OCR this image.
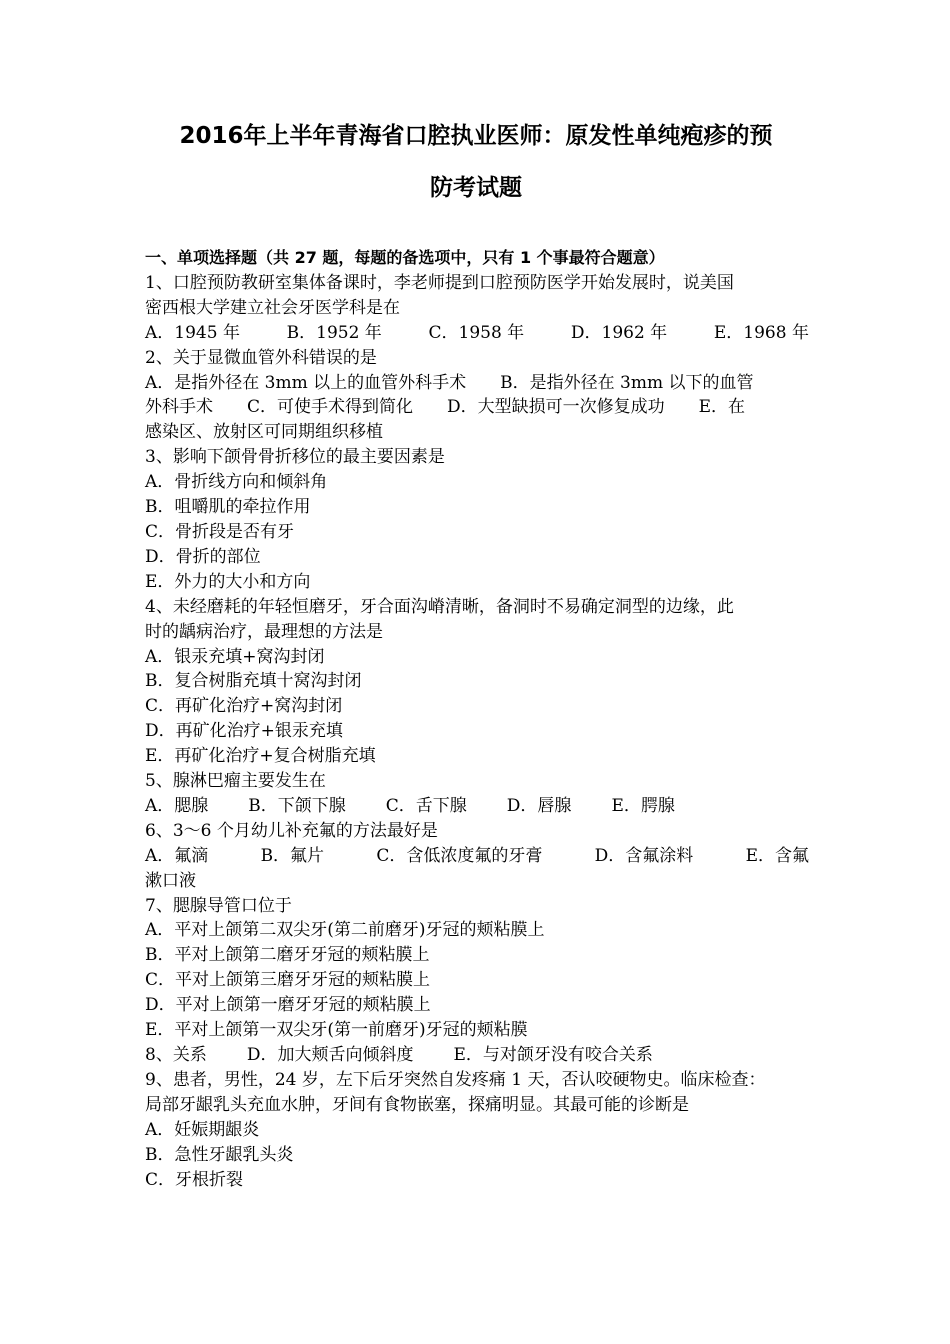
2016年上半年青海省口腔执业医师：原发性单纯疱疹的预
防考试题

一、单项选择题（共 27 题，每题的备选项中，只有 1 个事最符合题意）

1、口腔预防教研室集体备课时，李老师提到口腔预防医学开始发展时，说美国

密西根大学建立社会牙医学科是在

A．1945 年	B．1952 年	C．1958 年	D．1962 年	E．1968 年

2、关于显微血管外科错误的是

A．是指外径在 3mm 以上的血管外科手术　　B．是指外径在 3mm 以下的血管

外科手术　　C．可使手术得到简化　　D．大型缺损可一次修复成功　　E．在

感染区、放射区可同期组织移植

3、影响下颌骨骨折移位的最主要因素是

A．骨折线方向和倾斜角

B．咀嚼肌的牵拉作用

C．骨折段是否有牙

D．骨折的部位

E．外力的大小和方向

4、未经磨耗的年轻恒磨牙，牙合面沟嵴清晰，备洞时不易确定洞型的边缘，此

时的龋病治疗，最理想的方法是

A．银汞充填+窝沟封闭

B．复合树脂充填十窝沟封闭

C．再矿化治疗+窝沟封闭

D．再矿化治疗+银汞充填

E．再矿化治疗+复合树脂充填

5、腺淋巴瘤主要发生在

A．腮腺 B．下颌下腺 C．舌下腺 D．唇腺 E．腭腺

6、3～6 个月幼儿补充氟的方法最好是

A．氟滴	B．氟片	C．含低浓度氟的牙膏	D．含氟涂料	E．含氟

漱口液

7、腮腺导管口位于

A．平对上颌第二双尖牙(第二前磨牙)牙冠的颊粘膜上

B．平对上颌第二磨牙牙冠的颊粘膜上

C．平对上颌第三磨牙牙冠的颊粘膜上

D．平对上颌第一磨牙牙冠的颊粘膜上

E．平对上颌第一双尖牙(第一前磨牙)牙冠的颊粘膜

8、关系 D．加大颊舌向倾斜度 E．与对颌牙没有咬合关系

9、患者，男性，24 岁，左下后牙突然自发疼痛 1 天，否认咬硬物史。临床检查：

局部牙龈乳头充血水肿，牙间有食物嵌塞，探痛明显。其最可能的诊断是

A．妊娠期龈炎

B．急性牙龈乳头炎

C．牙根折裂
